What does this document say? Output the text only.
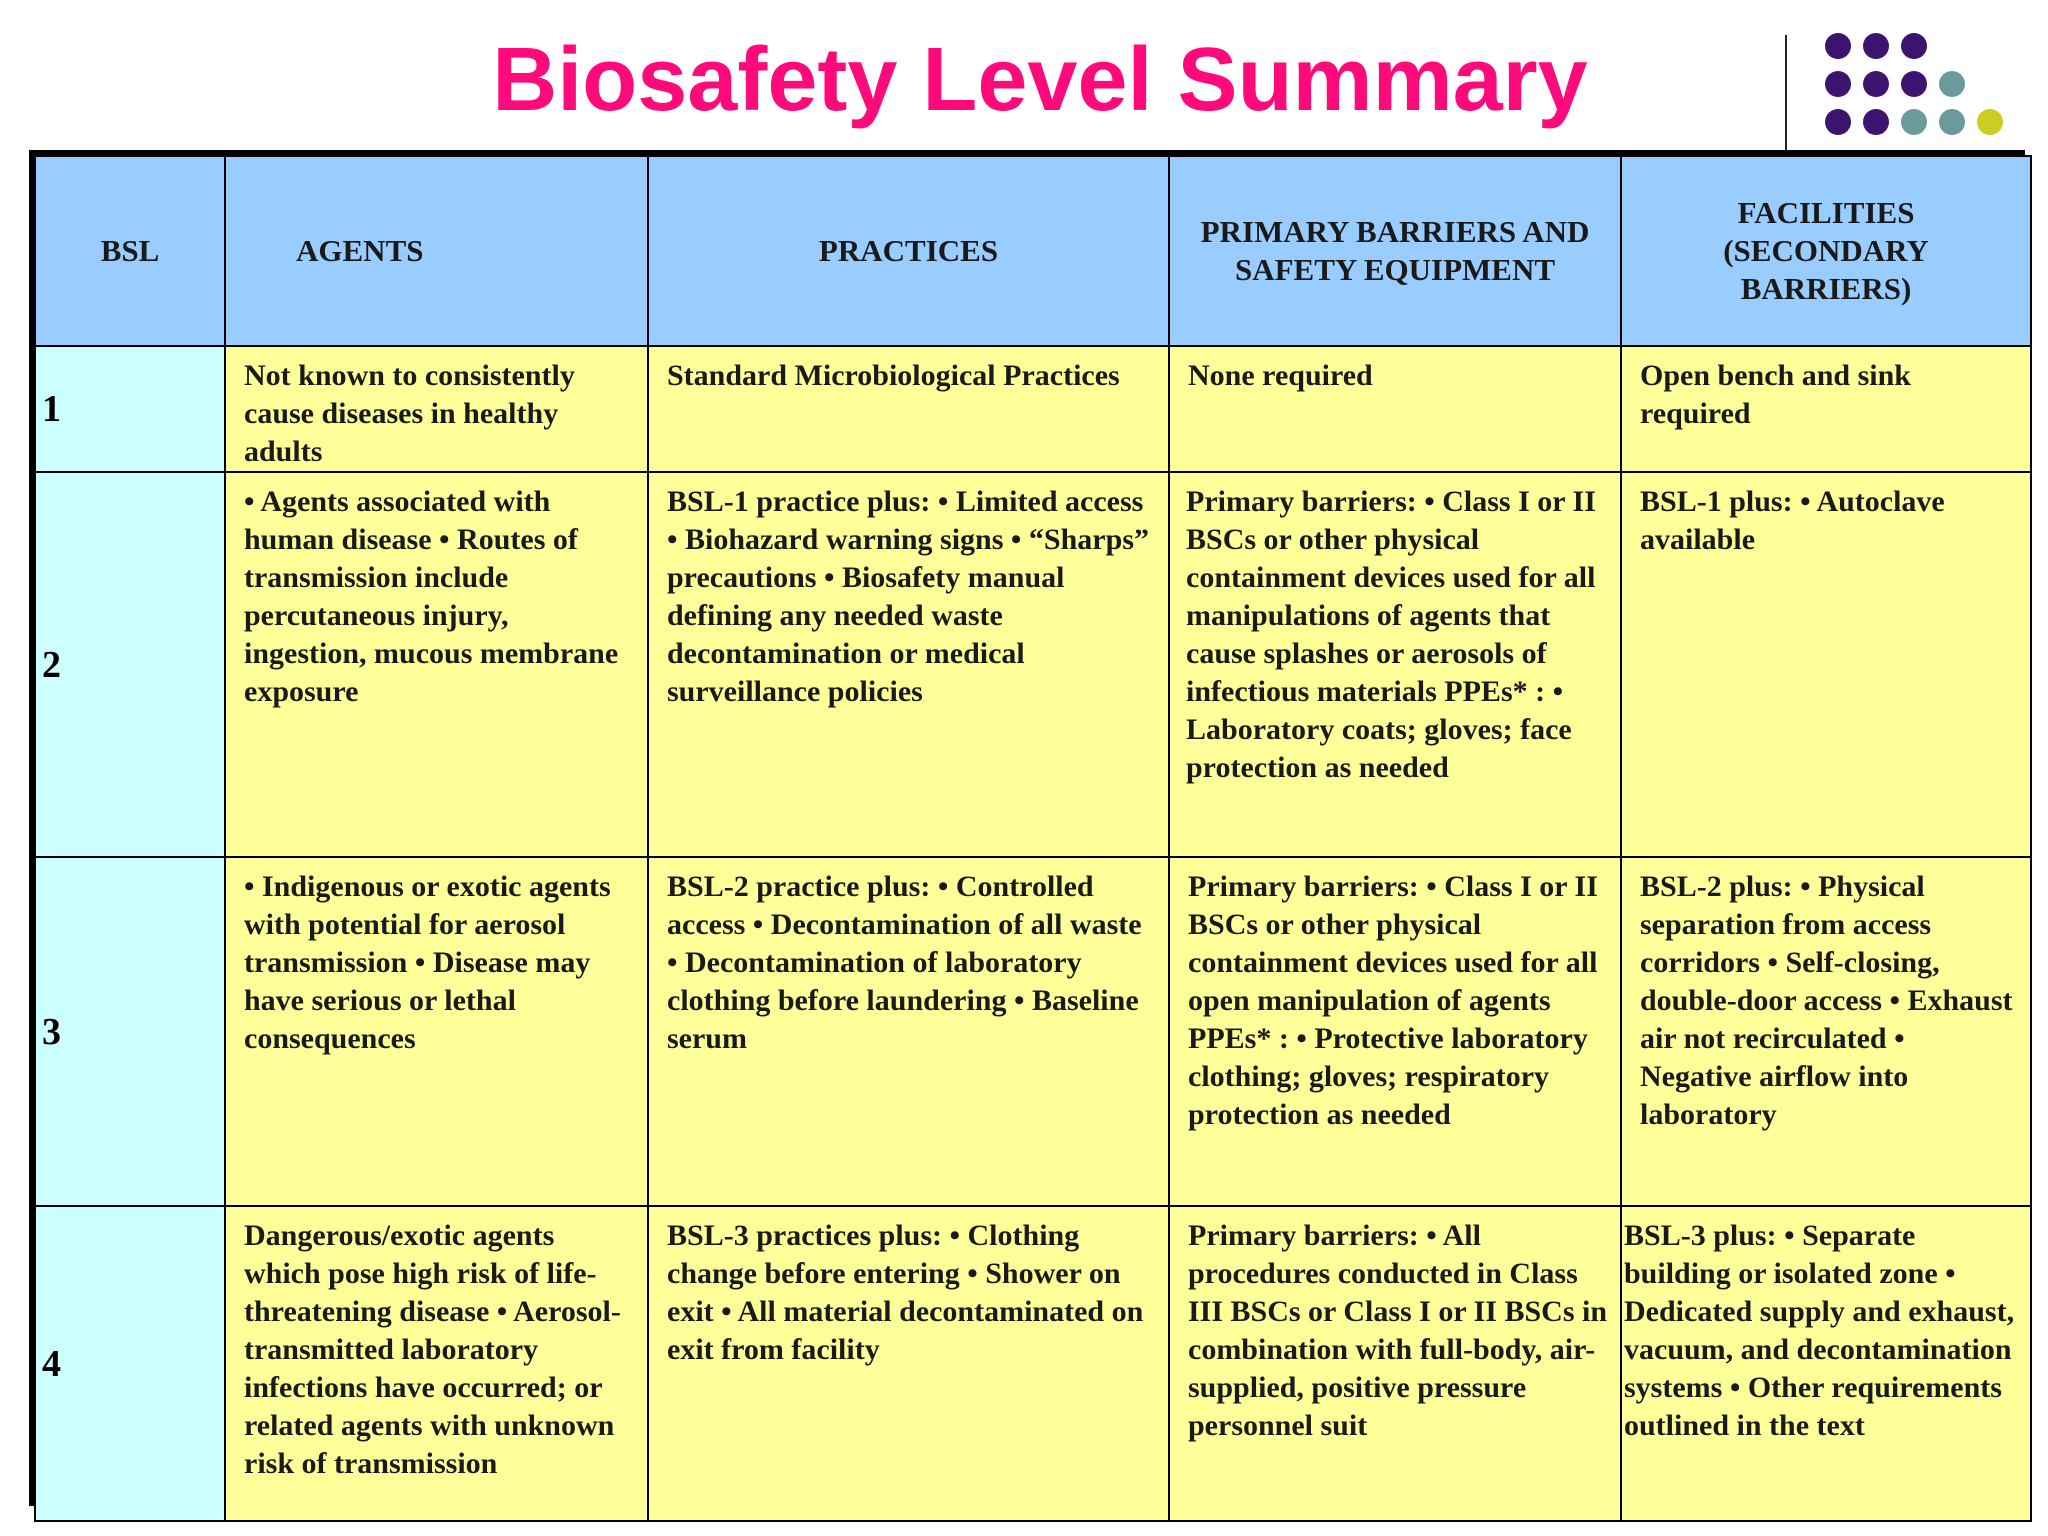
Biosafety Level Summary
BSL	AGENTS	PRACTICES	PRIMARY BARRIERS AND SAFETY EQUIPMENT	FACILITIES (SECONDARY BARRIERS)

1	Not known to consistently cause diseases in healthy adults	Standard Microbiological Practices	None required	Open bench and sink required
2	• Agents associated with human disease • Routes of transmission include percutaneous injury, ingestion, mucous membrane exposure	BSL-1 practice plus: • Limited access • Biohazard warning signs • “Sharps” precautions • Biosafety manual defining any needed waste decontamination or medical surveillance policies	Primary barriers: • Class I or II BSCs or other physical containment devices used for all manipulations of agents that cause splashes or aerosols of infectious materials PPEs* : • Laboratory coats; gloves; face protection as needed	BSL-1 plus: • Autoclave available
3	• Indigenous or exotic agents with potential for aerosol transmission • Disease may have serious or lethal consequences	BSL-2 practice plus: • Controlled access • Decontamination of all waste • Decontamination of laboratory clothing before laundering • Baseline serum	Primary barriers: • Class I or II BSCs or other physical containment devices used for all open manipulation of agents PPEs* : • Protective laboratory clothing; gloves; respiratory protection as needed	BSL-2 plus: • Physical separation from access corridors • Self-closing, double-door access • Exhaust air not recirculated • Negative airflow into laboratory
4	Dangerous/exotic agents which pose high risk of life-threatening disease • Aerosol-transmitted laboratory infections have occurred; or related agents with unknown risk of transmission	BSL-3 practices plus: • Clothing change before entering • Shower on exit • All material decontaminated on exit from facility	Primary barriers: • All procedures conducted in Class III BSCs or Class I or II BSCs in combination with full-body, air-supplied, positive pressure personnel suit	BSL-3 plus: • Separate building or isolated zone • Dedicated supply and exhaust, vacuum, and decontamination systems • Other requirements outlined in the text
